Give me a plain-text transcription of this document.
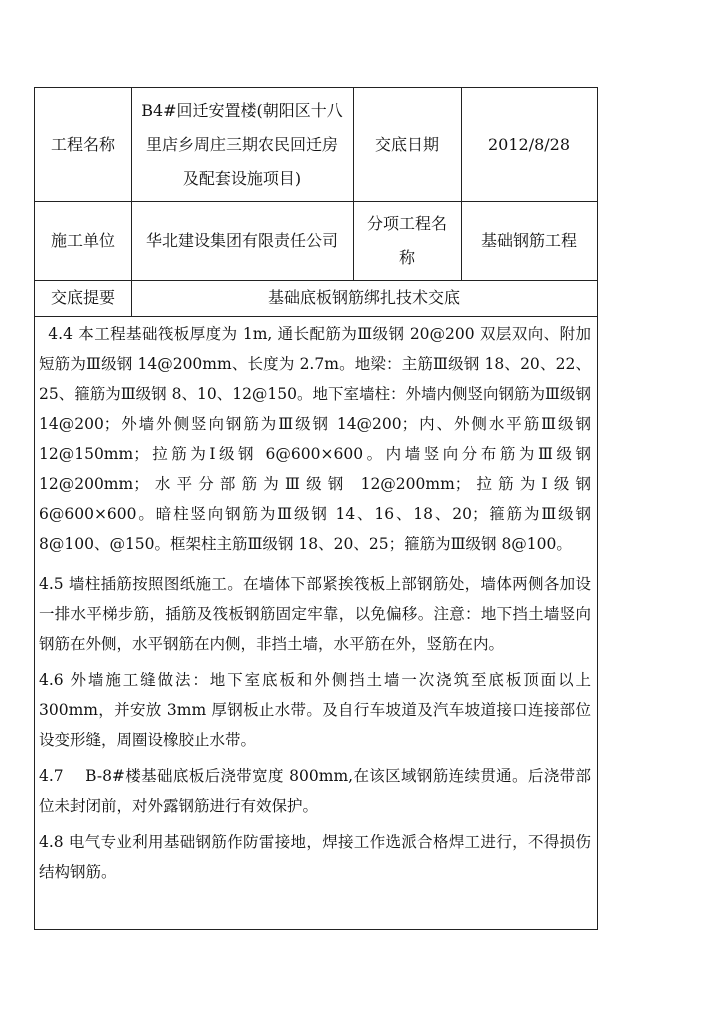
工程名称
B4#回迁安置楼(朝阳区十八
里店乡周庄三期农民回迁房
及配套设施项目)
交底日期	2012/8/28
施工单位 华北建设集团有限责任公司
分项工程名
称
基础钢筋工程
交底提要	基础底板钢筋绑扎技术交底

4.4 本工程基础筏板厚度为 1m, 通长配筋为Ⅲ级钢 20@200 双层双向、附加短筋为Ⅲ级钢 14@200mm、长度为 2.7m。地梁：主筋Ⅲ级钢 18、20、22、25、箍筋为Ⅲ级钢 8、10、12@150。地下室墙柱：外墙内侧竖向钢筋为Ⅲ级钢 14@200；外墙外侧竖向钢筋为Ⅲ级钢 14@200；内、外侧水平筋Ⅲ级钢 12@150mm；拉筋为Ⅰ级钢 6@600×600。内墙竖向分布筋为Ⅲ级钢 12@200mm；水平分部筋为Ⅲ级钢 12@200mm；拉筋为Ⅰ级钢 6@600×600。暗柱竖向钢筋为Ⅲ级钢 14、16、18、20；箍筋为Ⅲ级钢 8@100、@150。框架柱主筋Ⅲ级钢 18、20、25；箍筋为Ⅲ级钢 8@100。

4.5 墙柱插筋按照图纸施工。在墙体下部紧挨筏板上部钢筋处，墙体两侧各加设一排水平梯步筋，插筋及筏板钢筋固定牢靠，以免偏移。注意：地下挡土墙竖向钢筋在外侧，水平钢筋在内侧，非挡土墙，水平筋在外，竖筋在内。

4.6 外墙施工缝做法：地下室底板和外侧挡土墙一次浇筑至底板顶面以上 300mm，并安放 3mm 厚钢板止水带。及自行车坡道及汽车坡道接口连接部位设变形缝，周圈设橡胶止水带。

4.7　 B-8#楼基础底板后浇带宽度 800mm,在该区域钢筋连续贯通。后浇带部位未封闭前，对外露钢筋进行有效保护。

4.8 电气专业利用基础钢筋作防雷接地，焊接工作选派合格焊工进行，不得损伤结构钢筋。
